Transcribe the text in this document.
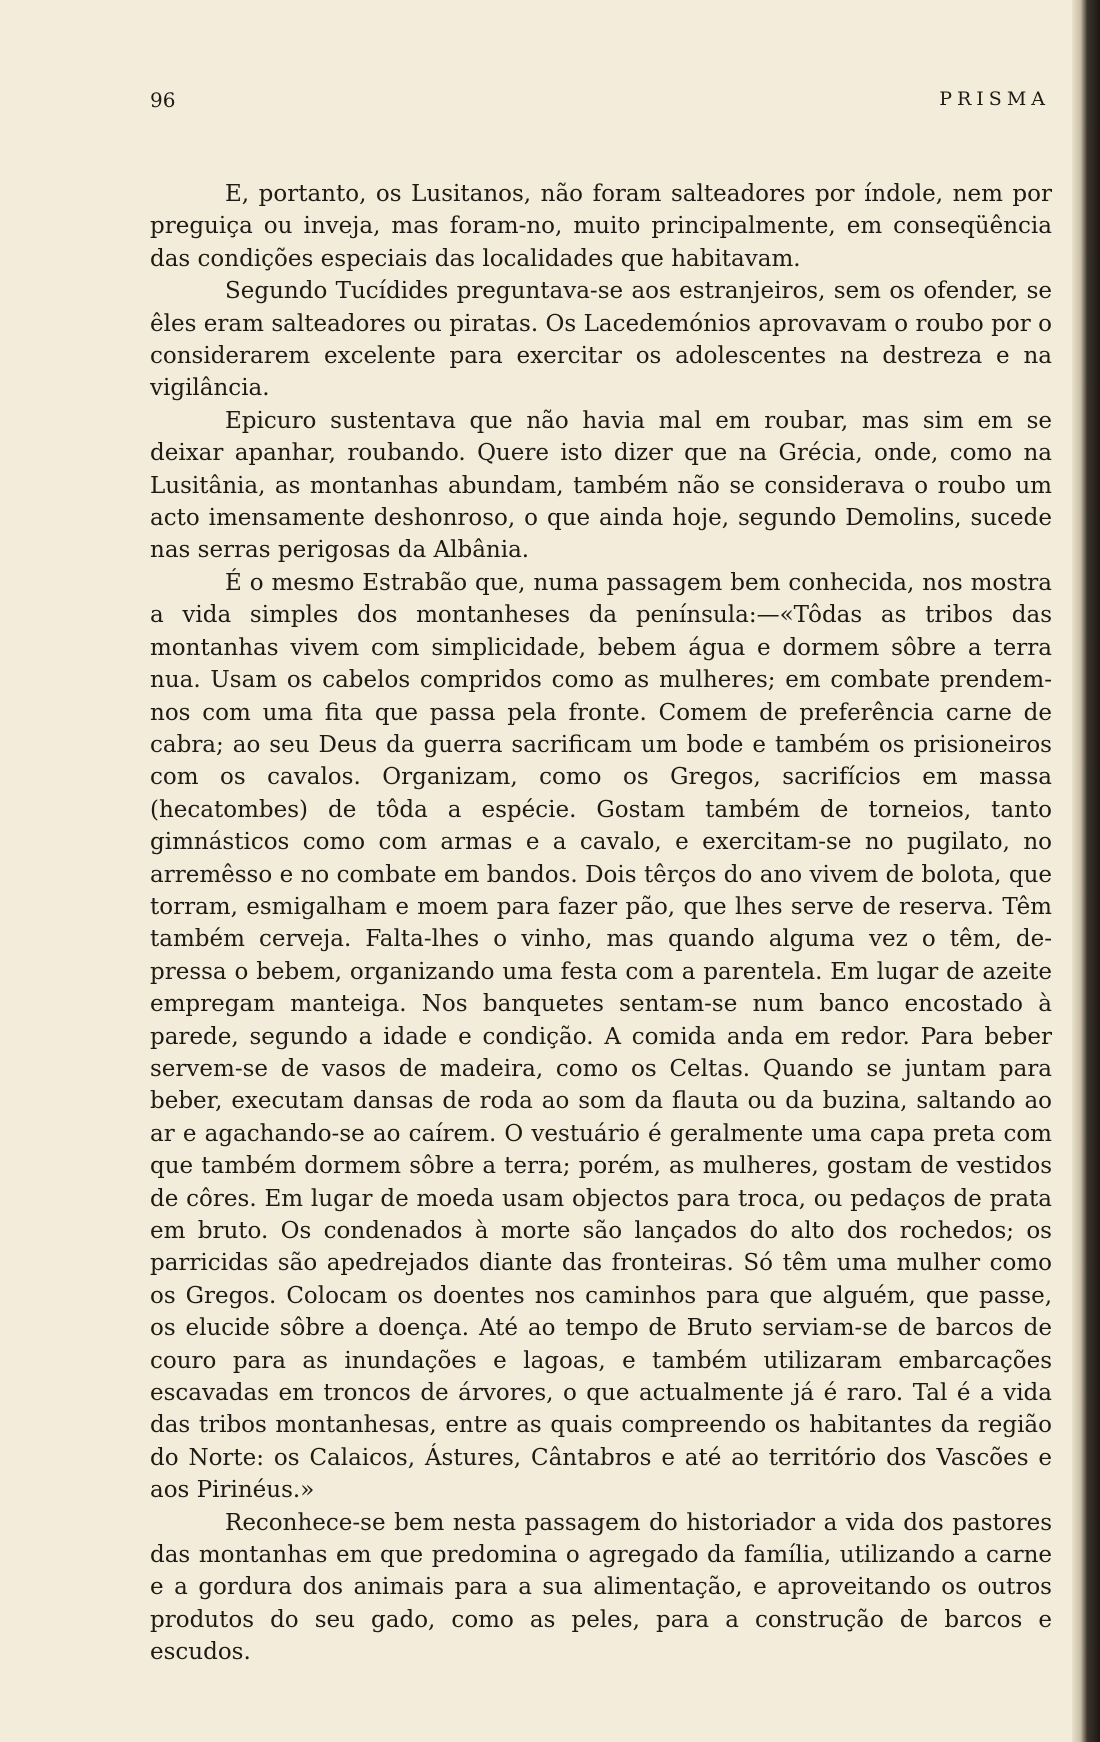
96	PRISMA

E, portanto, os Lusitanos, não foram salteadores por índole, nem por preguiça ou inveja, mas foram-no, muito principalmente, em conseqüência das condições especiais das localidades que habitavam.

Segundo Tucídides preguntava-se aos estranjeiros, sem os ofender, se êles eram salteadores ou piratas. Os Lacedemónios aprovavam o roubo por o considerarem excelente para exercitar os adolescentes na destreza e na vigilância.

Epicuro sustentava que não havia mal em roubar, mas sim em se deixar apanhar, roubando. Quere isto dizer que na Grécia, onde, como na Lusitânia, as montanhas abundam, também não se considerava o roubo um acto imensamente deshonroso, o que ainda hoje, segundo Demolins, sucede nas serras perigosas da Albânia.

É o mesmo Estrabão que, numa passagem bem conhecida, nos mostra a vida simples dos montanheses da península:—«Tôdas as tribos das montanhas vivem com simplicidade, bebem água e dormem sôbre a terra nua. Usam os cabelos compridos como as mulheres; em combate prendem-nos com uma fita que passa pela fronte. Comem de preferência carne de cabra; ao seu Deus da guerra sacrificam um bode e também os prisioneiros com os cavalos. Organizam, como os Gregos, sacrifícios em massa (hecatombes) de tôda a espécie. Gostam também de torneios, tanto gimnásticos como com armas e a cavalo, e exercitam-se no pugilato, no arremêsso e no combate em bandos. Dois têrços do ano vivem de bolota, que torram, esmigalham e moem para fazer pão, que lhes serve de reserva. Têm também cerveja. Falta-lhes o vinho, mas quando alguma vez o têm, de-pressa o bebem, organizando uma festa com a parentela. Em lugar de azeite empregam manteiga. Nos banquetes sentam-se num banco encostado à parede, segundo a idade e condição. A comida anda em redor. Para beber servem-se de vasos de madeira, como os Celtas. Quando se juntam para beber, executam dansas de roda ao som da flauta ou da buzina, saltando ao ar e agachando-se ao caírem. O vestuário é geralmente uma capa preta com que também dormem sôbre a terra; porém, as mulheres, gostam de vestidos de côres. Em lugar de moeda usam objectos para troca, ou pedaços de prata em bruto. Os condenados à morte são lançados do alto dos rochedos; os parricidas são apedrejados diante das fronteiras. Só têm uma mulher como os Gregos. Colocam os doentes nos caminhos para que alguém, que passe, os elucide sôbre a doença. Até ao tempo de Bruto serviam-se de barcos de couro para as inundações e lagoas, e também utilizaram embarcações escavadas em troncos de árvores, o que actualmente já é raro. Tal é a vida das tribos montanhesas, entre as quais compreendo os habitantes da região do Norte: os Calaicos, Ástures, Cântabros e até ao território dos Vascões e aos Pirinéus.»

Reconhece-se bem nesta passagem do historiador a vida dos pastores das montanhas em que predomina o agregado da família, utilizando a carne e a gordura dos animais para a sua alimentação, e aproveitando os outros produtos do seu gado, como as peles, para a construção de barcos e escudos.
